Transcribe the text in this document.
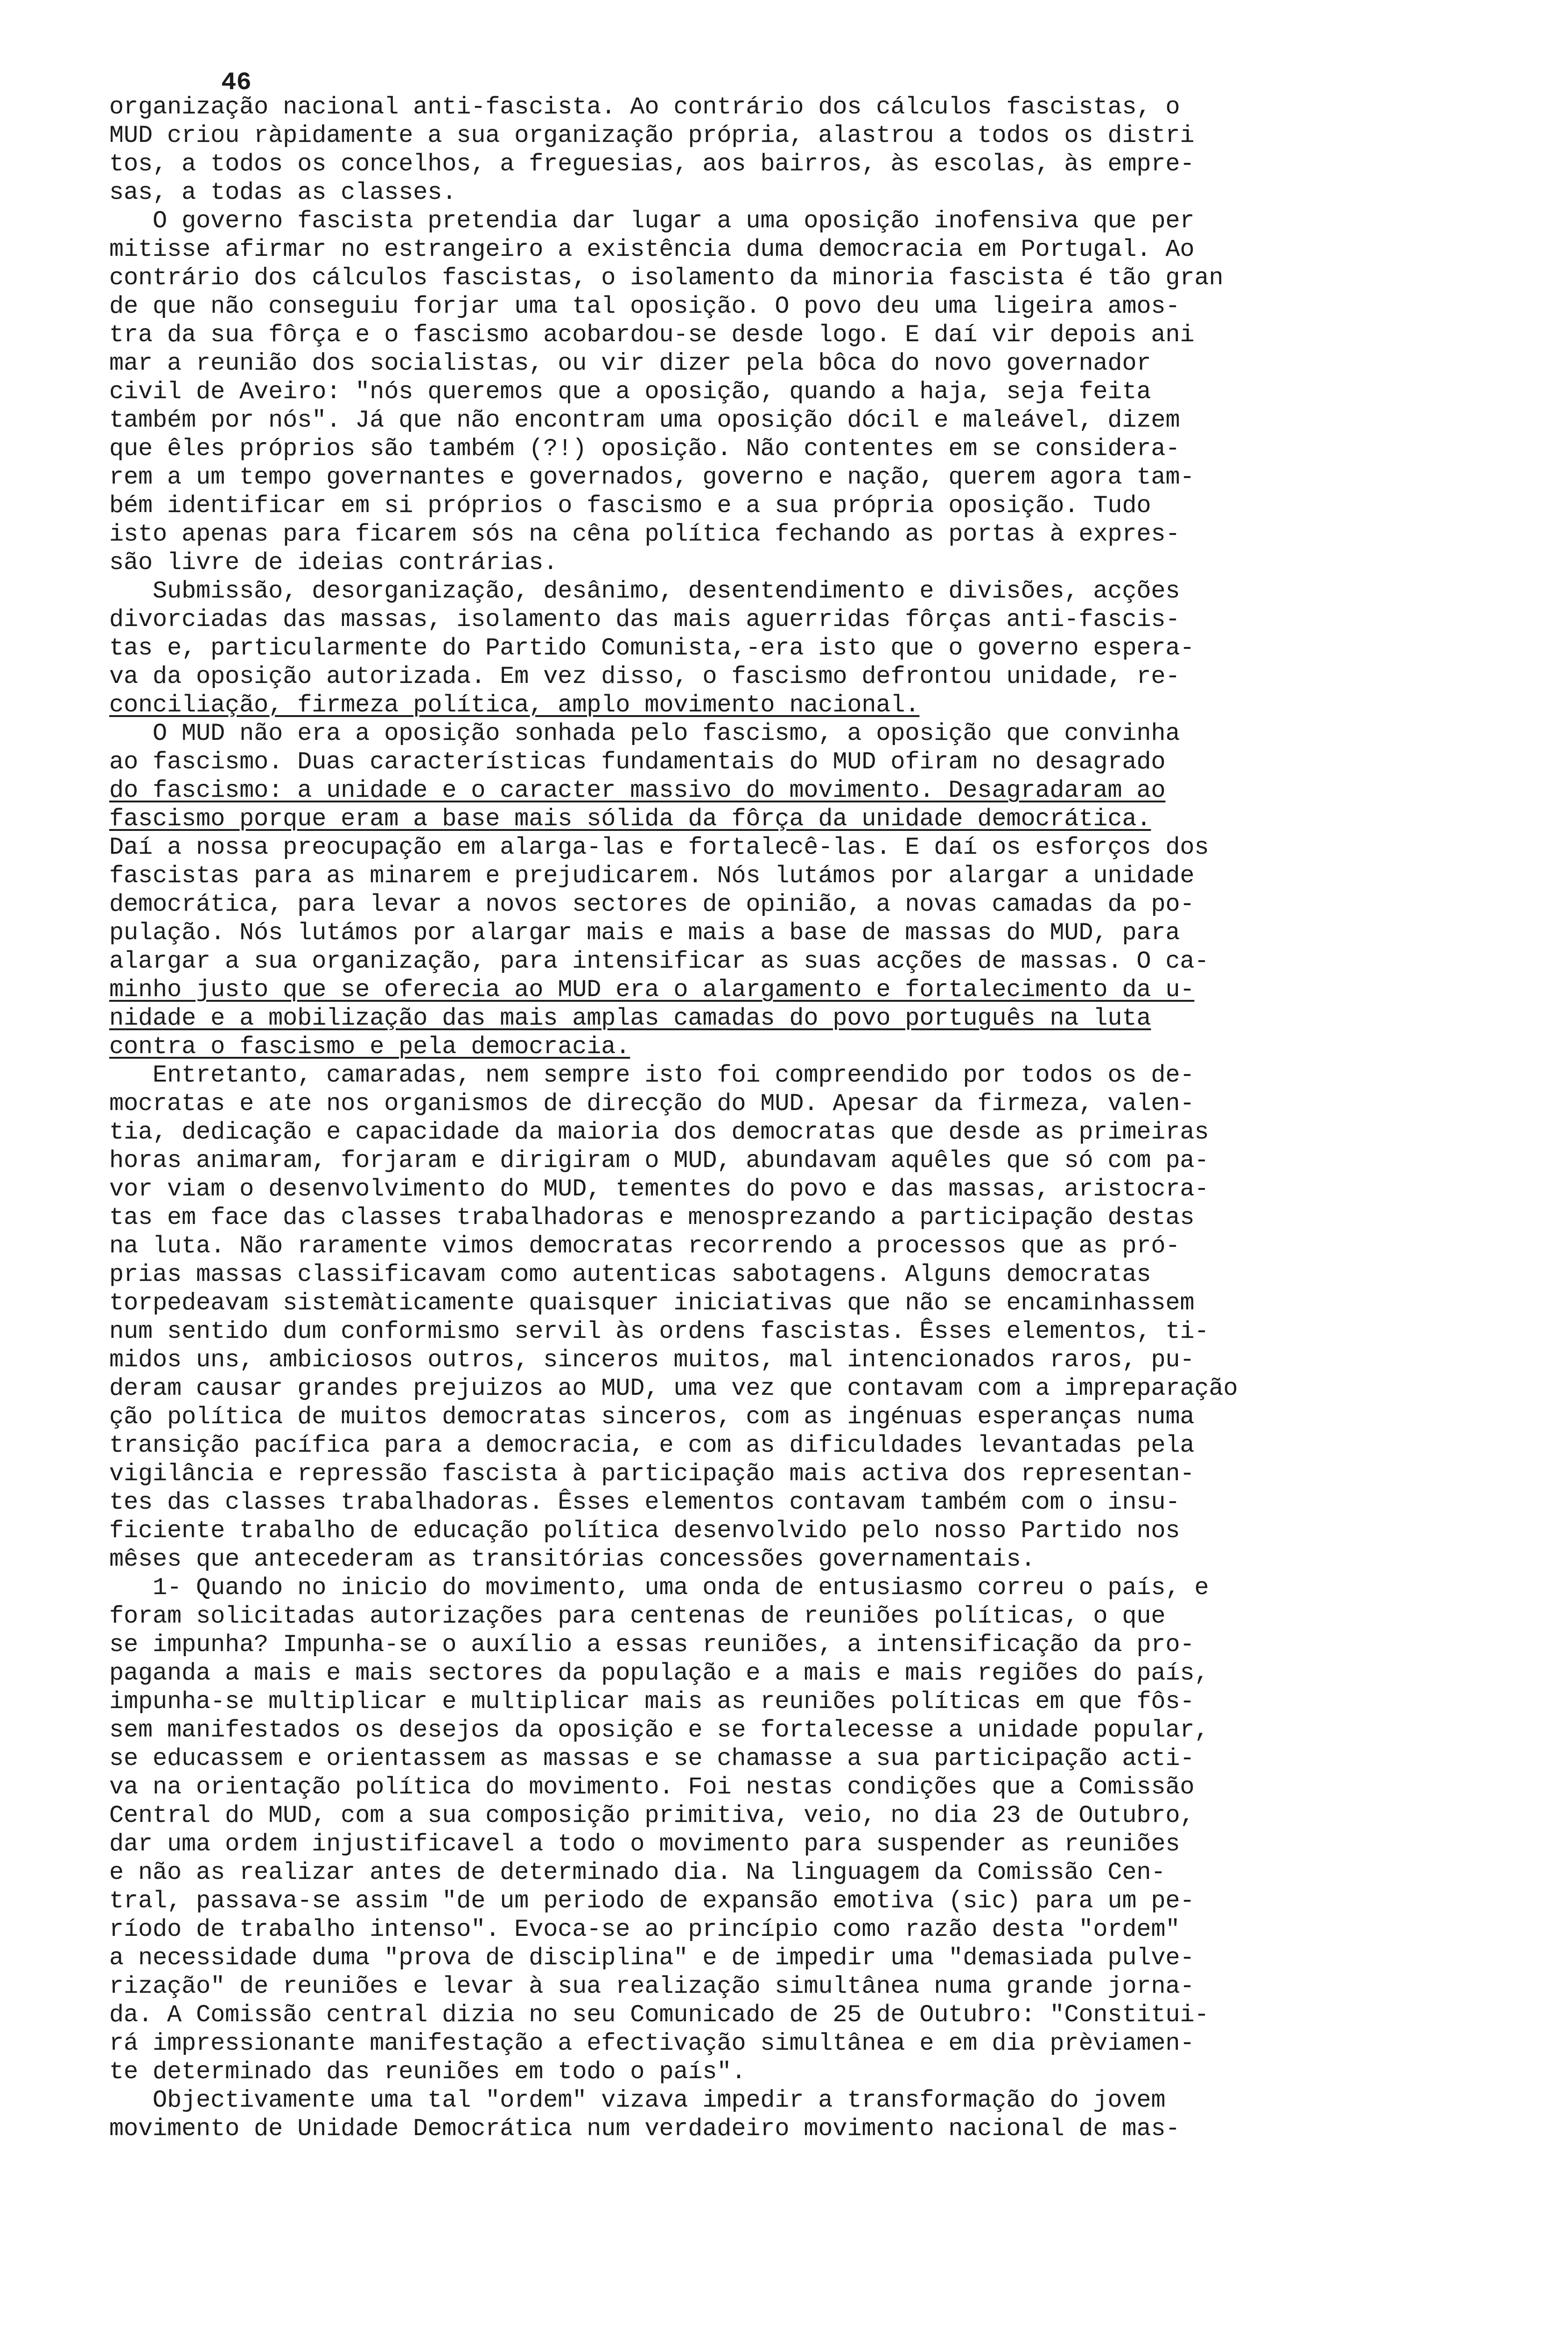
46

organização nacional anti-fascista. Ao contrário dos cálculos fascistas, o

MUD criou ràpidamente a sua organização própria, alastrou a todos os distri

tos, a todos os concelhos, a freguesias, aos bairros, às escolas, às empre-

sas, a todas as classes.

O governo fascista pretendia dar lugar a uma oposição inofensiva que per

mitisse afirmar no estrangeiro a existência duma democracia em Portugal. Ao

contrário dos cálculos fascistas, o isolamento da minoria fascista é tão gran

de que não conseguiu forjar uma tal oposição. O povo deu uma ligeira amos-

tra da sua fôrça e o fascismo acobardou-se desde logo. E daí vir depois ani

mar a reunião dos socialistas, ou vir dizer pela bôca do novo governador

civil de Aveiro: "nós queremos que a oposição, quando a haja, seja feita

também por nós". Já que não encontram uma oposição dócil e maleável, dizem

que êles próprios são também (?!) oposição. Não contentes em se considera-

rem a um tempo governantes e governados, governo e nação, querem agora tam-

bém identificar em si próprios o fascismo e a sua própria oposição. Tudo

isto apenas para ficarem sós na cêna política fechando as portas à expres-

são livre de ideias contrárias.

Submissão, desorganização, desânimo, desentendimento e divisões, acções

divorciadas das massas, isolamento das mais aguerridas fôrças anti-fascis-

tas e, particularmente do Partido Comunista,-era isto que o governo espera-

va da oposição autorizada. Em vez disso, o fascismo defrontou unidade, re-

conciliação, firmeza política, amplo movimento nacional.

O MUD não era a oposição sonhada pelo fascismo, a oposição que convinha

ao fascismo. Duas características fundamentais do MUD ofiram no desagrado

do fascismo: a unidade e o caracter massivo do movimento. Desagradaram ao

fascismo porque eram a base mais sólida da fôrça da unidade democrática.

Daí a nossa preocupação em alarga-las e fortalecê-las. E daí os esforços dos

fascistas para as minarem e prejudicarem. Nós lutámos por alargar a unidade

democrática, para levar a novos sectores de opinião, a novas camadas da po-

pulação. Nós lutámos por alargar mais e mais a base de massas do MUD, para

alargar a sua organização, para intensificar as suas acções de massas. O ca-

minho justo que se oferecia ao MUD era o alargamento e fortalecimento da u-

nidade e a mobilização das mais amplas camadas do povo português na luta

contra o fascismo e pela democracia.

Entretanto, camaradas, nem sempre isto foi compreendido por todos os de-

mocratas e ate nos organismos de direcção do MUD. Apesar da firmeza, valen-

tia, dedicação e capacidade da maioria dos democratas que desde as primeiras

horas animaram, forjaram e dirigiram o MUD, abundavam aquêles que só com pa-

vor viam o desenvolvimento do MUD, tementes do povo e das massas, aristocra-

tas em face das classes trabalhadoras e menosprezando a participação destas

na luta. Não raramente vimos democratas recorrendo a processos que as pró-

prias massas classificavam como autenticas sabotagens. Alguns democratas

torpedeavam sistemàticamente quaisquer iniciativas que não se encaminhassem

num sentido dum conformismo servil às ordens fascistas. Êsses elementos, ti-

midos uns, ambiciosos outros, sinceros muitos, mal intencionados raros, pu-

deram causar grandes prejuizos ao MUD, uma vez que contavam com a impreparação

ção política de muitos democratas sinceros, com as ingénuas esperanças numa

transição pacífica para a democracia, e com as dificuldades levantadas pela

vigilância e repressão fascista à participação mais activa dos representan-

tes das classes trabalhadoras. Êsses elementos contavam também com o insu-

ficiente trabalho de educação política desenvolvido pelo nosso Partido nos

mêses que antecederam as transitórias concessões governamentais.

1- Quando no inicio do movimento, uma onda de entusiasmo correu o país, e

foram solicitadas autorizações para centenas de reuniões políticas, o que

se impunha? Impunha-se o auxílio a essas reuniões, a intensificação da pro-

paganda a mais e mais sectores da população e a mais e mais regiões do país,

impunha-se multiplicar e multiplicar mais as reuniões políticas em que fôs-

sem manifestados os desejos da oposição e se fortalecesse a unidade popular,

se educassem e orientassem as massas e se chamasse a sua participação acti-

va na orientação política do movimento. Foi nestas condições que a Comissão

Central do MUD, com a sua composição primitiva, veio, no dia 23 de Outubro,

dar uma ordem injustificavel a todo o movimento para suspender as reuniões

e não as realizar antes de determinado dia. Na linguagem da Comissão Cen-

tral, passava-se assim "de um periodo de expansão emotiva (sic) para um pe-

ríodo de trabalho intenso". Evoca-se ao princípio como razão desta "ordem"

a necessidade duma "prova de disciplina" e de impedir uma "demasiada pulve-

rização" de reuniões e levar à sua realização simultânea numa grande jorna-

da. A Comissão central dizia no seu Comunicado de 25 de Outubro: "Constitui-

rá impressionante manifestação a efectivação simultânea e em dia prèviamen-

te determinado das reuniões em todo o país".

Objectivamente uma tal "ordem" vizava impedir a transformação do jovem

movimento de Unidade Democrática num verdadeiro movimento nacional de mas-
